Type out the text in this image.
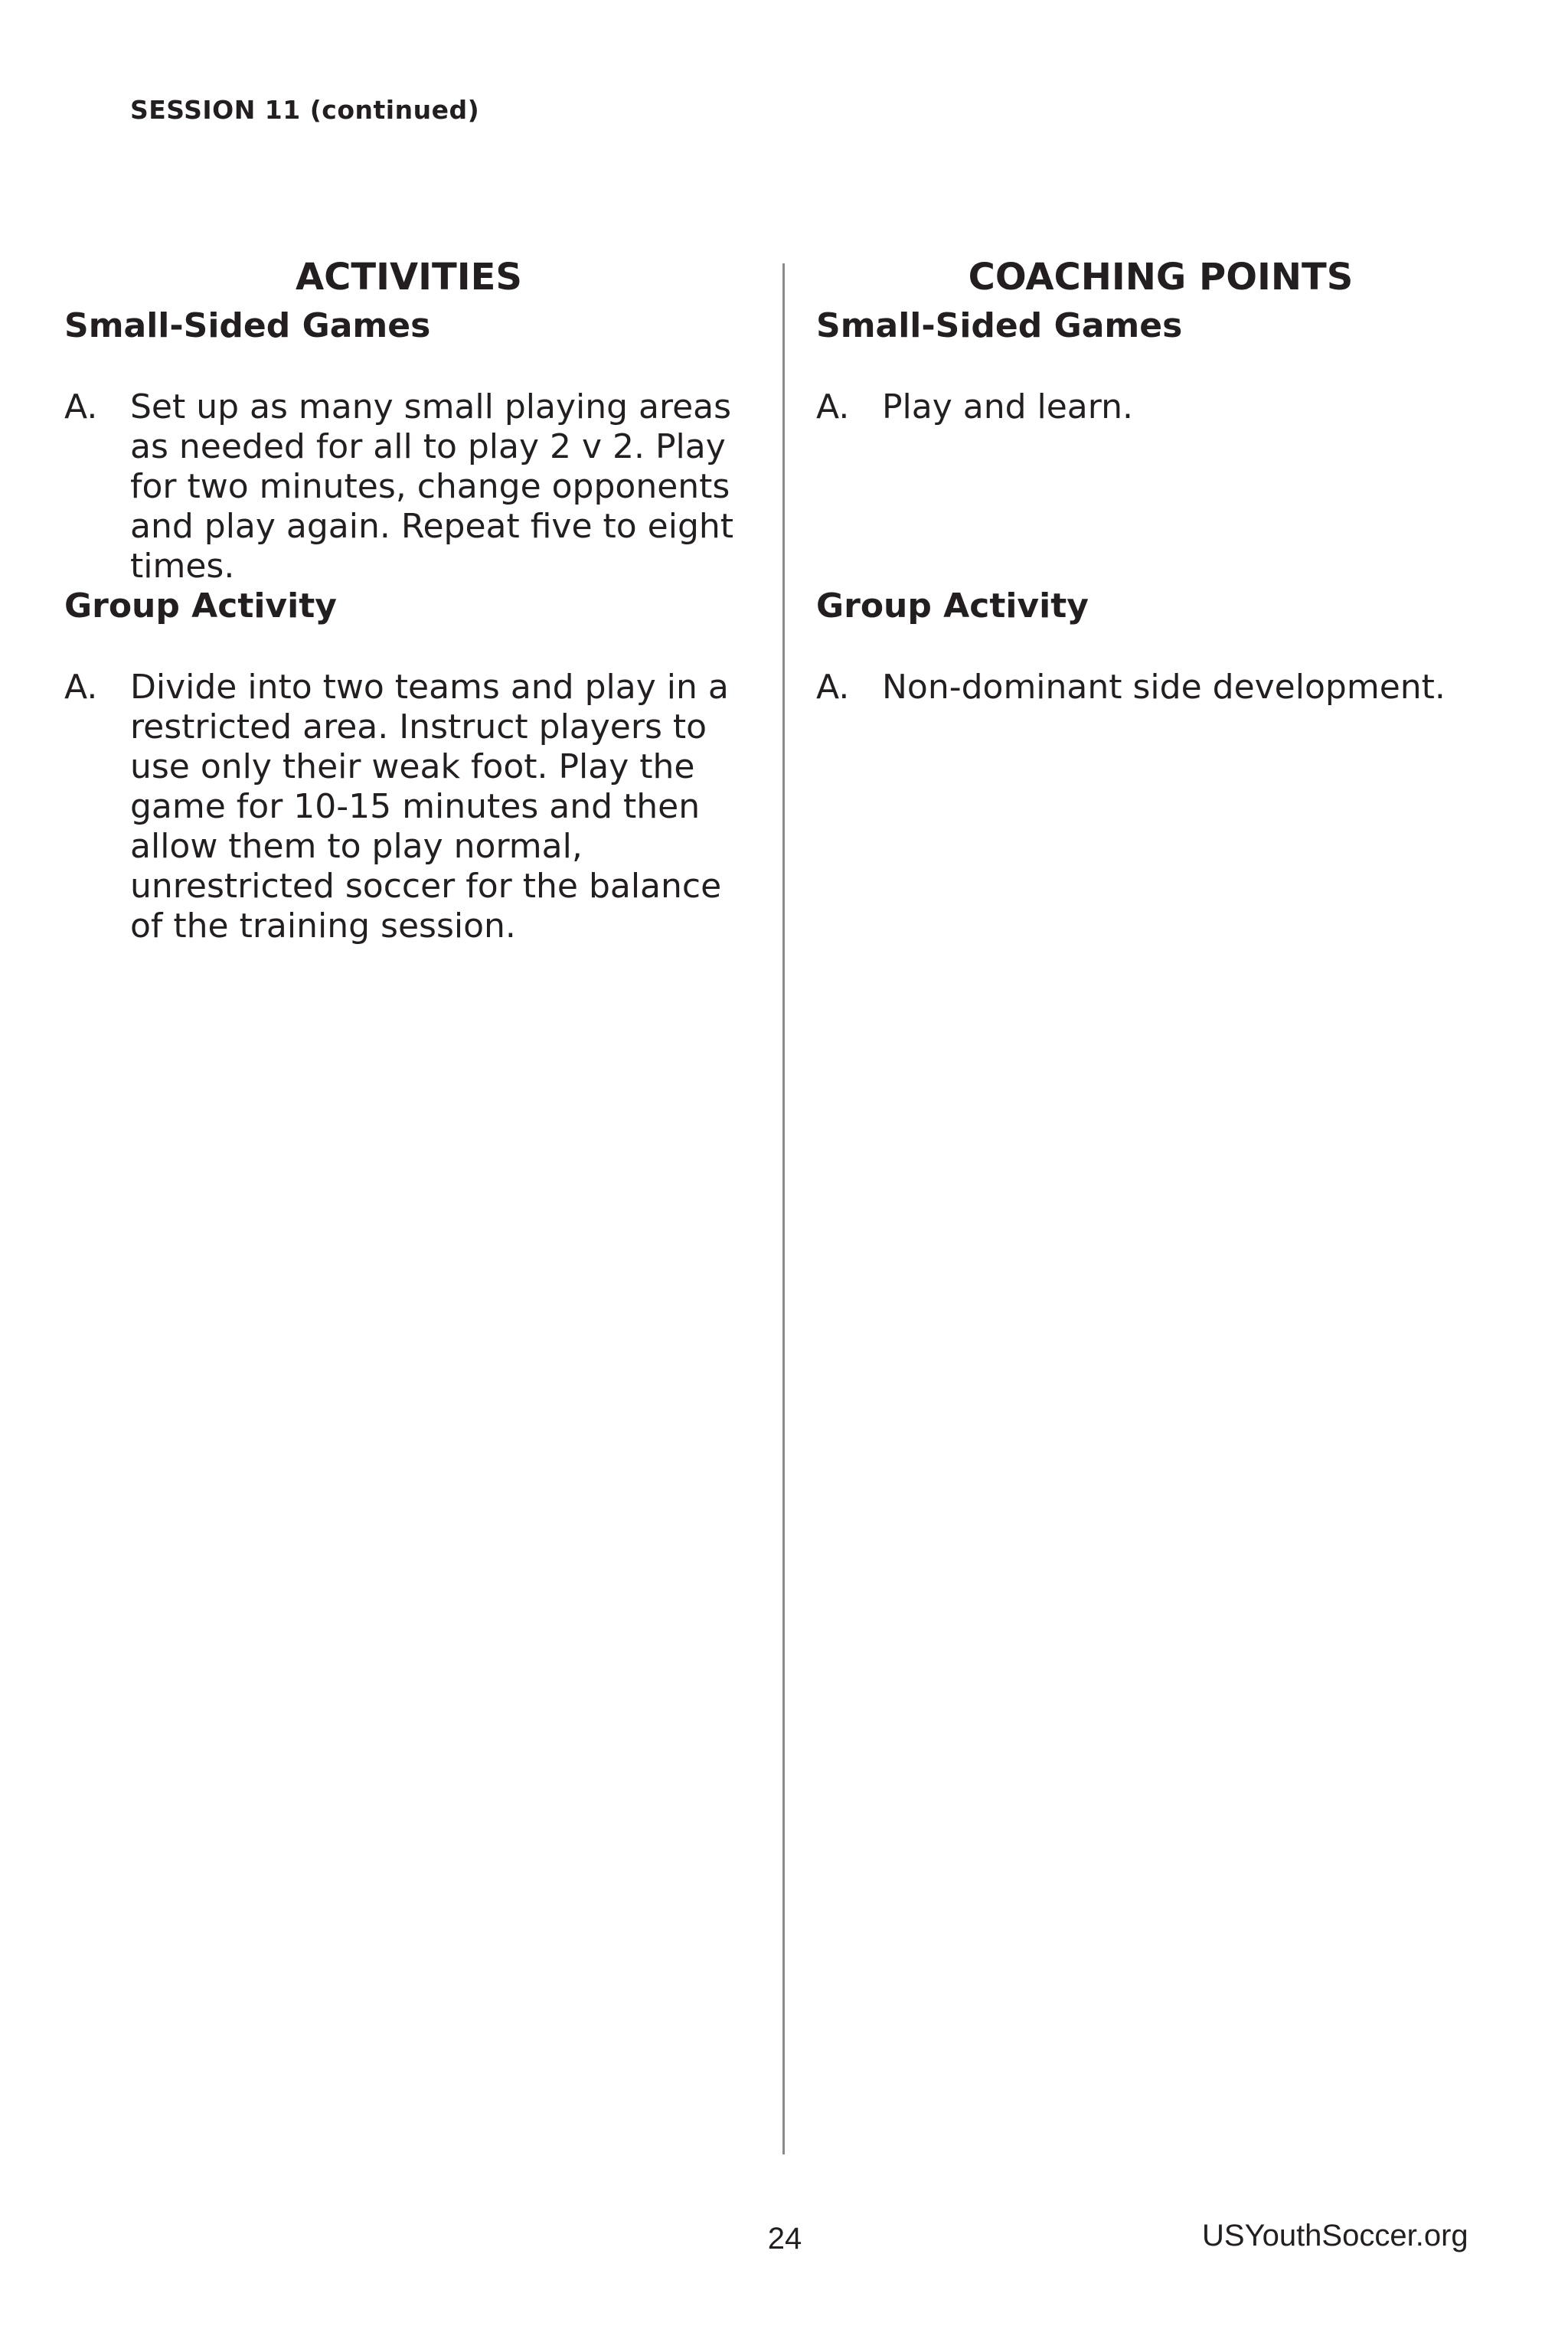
SESSION 11 (continued)
ACTIVITIES
Small-Sided Games
A. Set up as many small playing areas as needed for all to play 2 v 2. Play for two minutes, change opponents and play again. Repeat five to eight times.
Group Activity
A. Divide into two teams and play in a restricted area. Instruct players to use only their weak foot. Play the game for 10-15 minutes and then allow them to play normal, unrestricted soccer for the balance of the training session.
COACHING POINTS
Small-Sided Games
A. Play and learn.
Group Activity
A. Non-dominant side development.
24	USYouthSoccer.org
